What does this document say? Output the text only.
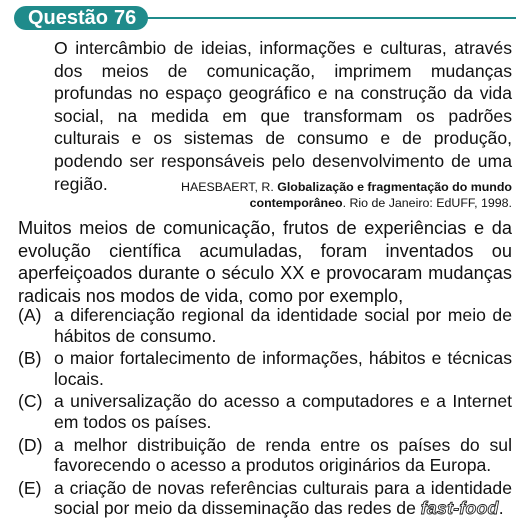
Questão 76
O intercâmbio de ideias, informações e culturas, através dos meios de comunicação, imprimem mudanças profundas no espaço geográfico e na construção da vida social, na medida em que transformam os padrões culturais e os sistemas de consumo e de produção, podendo ser responsáveis pelo desenvolvimento de uma região.	HAESBAERT, R. Globalização e fragmentação do mundo contemporâneo. Rio de Janeiro: EdUFF, 1998.
Muitos meios de comunicação, frutos de experiências e da evolução científica acumuladas, foram inventados ou aperfeiçoados durante o século XX e provocaram mudanças radicais nos modos de vida, como por exemplo,
(A) a diferenciação regional da identidade social por meio de hábitos de consumo.
(B) o maior fortalecimento de informações, hábitos e técnicas locais.
(C) a universalização do acesso a computadores e a Internet em todos os países.
(D) a melhor distribuição de renda entre os países do sul favorecendo o acesso a produtos originários da Europa.
(E) a criação de novas referências culturais para a identidade social por meio da disseminação das redes de fast-food.
